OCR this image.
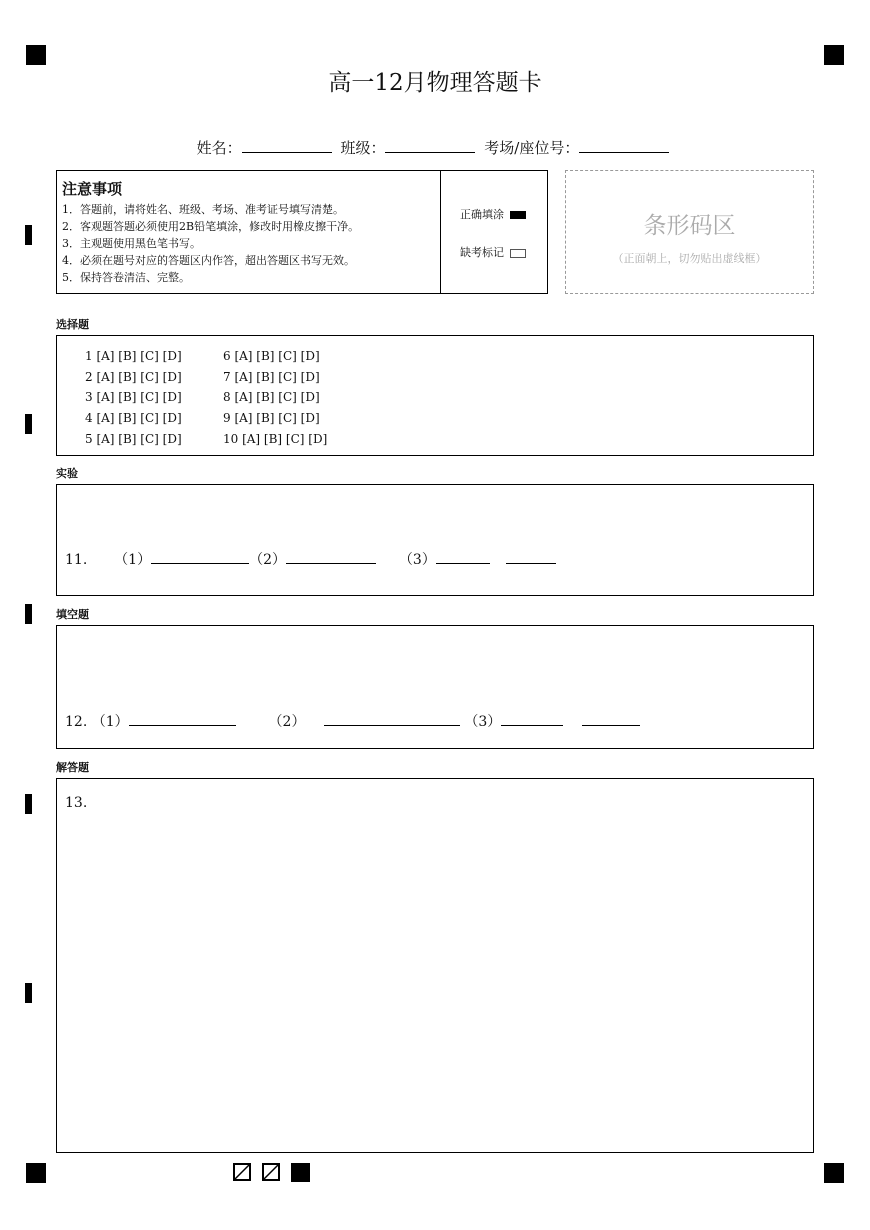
高一12月物理答题卡
姓名：	班级：	考场/座位号：
注意事项
1．答题前，请将姓名、班级、考场、准考证号填写清楚。
2．客观题答题必须使用2B铅笔填涂，修改时用橡皮擦干净。
3．主观题使用黑色笔书写。
4．必须在题号对应的答题区内作答，超出答题区书写无效。
5．保持答卷清洁、完整。
正确填涂
缺考标记
条形码区
（正面朝上，切勿贴出虚线框）
选择题
1 [A] [B] [C] [D]
2 [A] [B] [C] [D]
3 [A] [B] [C] [D]
4 [A] [B] [C] [D]
5 [A] [B] [C] [D]
6 [A] [B] [C] [D]
7 [A] [B] [C] [D]
8 [A] [B] [C] [D]
9 [A] [B] [C] [D]
10 [A] [B] [C] [D]
实验
11. （1）	（2）	（3）
填空题
12. （1）	（2）	（3）
解答题
13.
